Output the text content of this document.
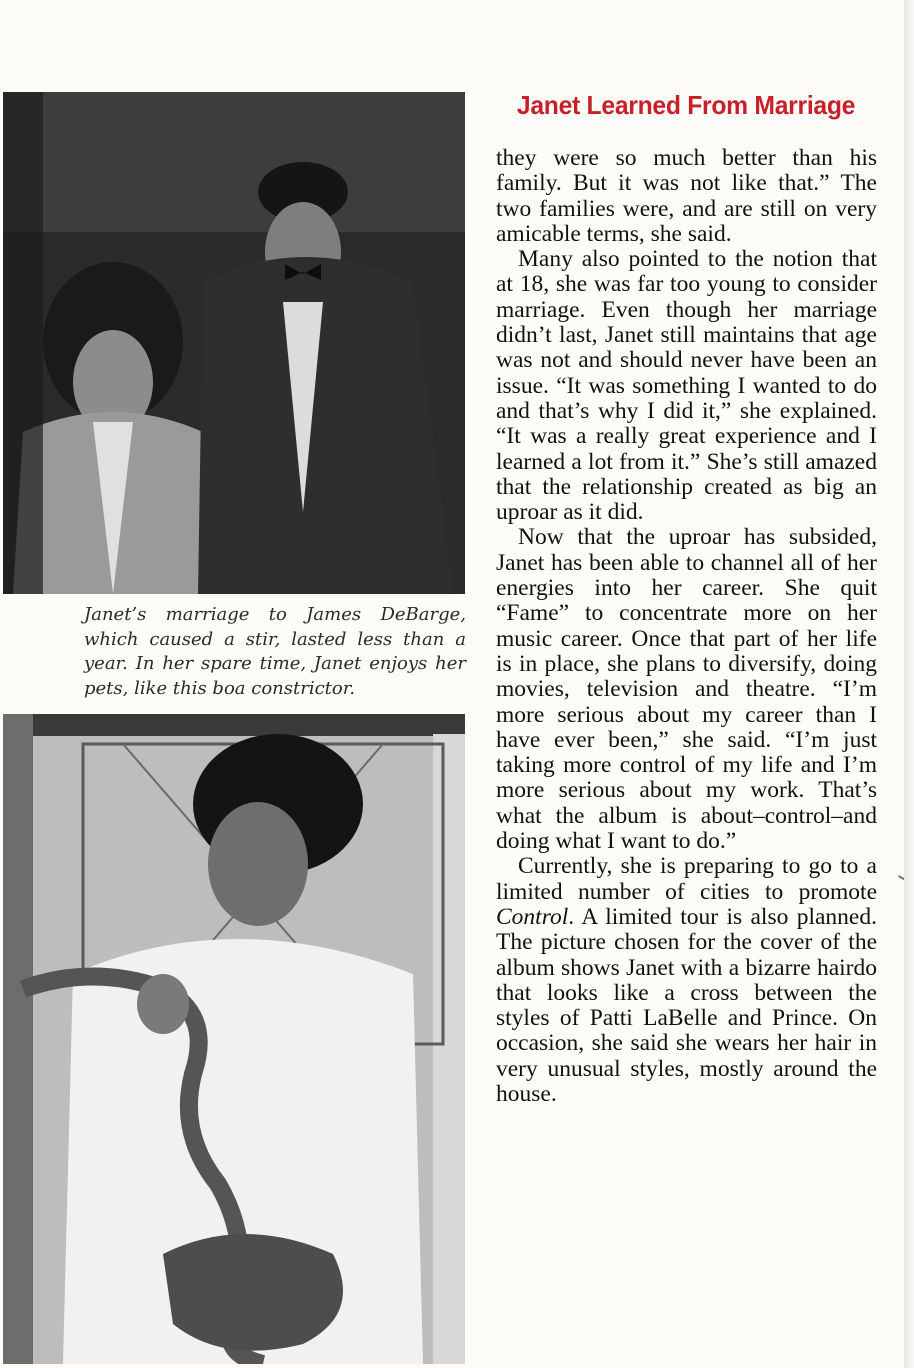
Janet’s marriage to James DeBarge, which caused a stir, lasted less than a year. In her spare time, Janet enjoys her pets, like this boa constrictor.

Janet Learned From Marriage

they were so much better than his family. But it was not like that.” The two families were, and are still on very amicable terms, she said.

Many also pointed to the notion that at 18, she was far too young to consider marriage. Even though her marriage didn’t last, Janet still maintains that age was not and should never have been an issue. “It was something I wanted to do and that’s why I did it,” she explained. “It was a really great experience and I learned a lot from it.” She’s still amazed that the relationship created as big an uproar as it did.

Now that the uproar has subsided, Janet has been able to channel all of her energies into her career. She quit “Fame” to concentrate more on her music career. Once that part of her life is in place, she plans to diversify, doing movies, television and theatre. “I’m more serious about my career than I have ever been,” she said. “I’m just taking more control of my life and I’m more serious about my work. That’s what the album is about–control–and doing what I want to do.”

Currently, she is preparing to go to a limited number of cities to promote Control. A limited tour is also planned. The picture chosen for the cover of the album shows Janet with a bizarre hairdo that looks like a cross between the styles of Patti LaBelle and Prince. On occasion, she said she wears her hair in very unusual styles, mostly around the house.
